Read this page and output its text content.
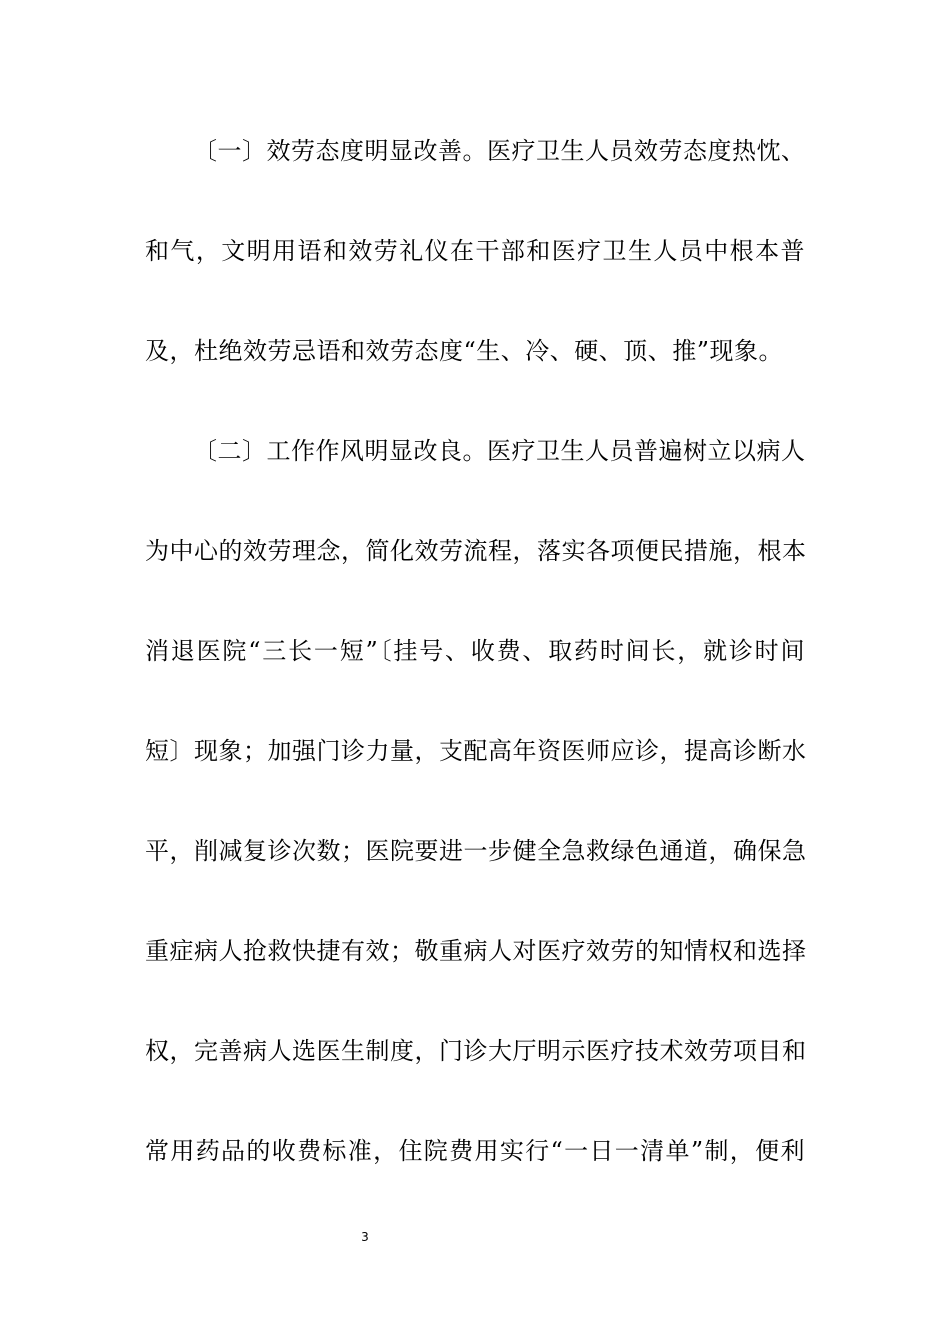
〔一〕效劳态度明显改善。医疗卫生人员效劳态度热忱、
和气，文明用语和效劳礼仪在干部和医疗卫生人员中根本普
及，杜绝效劳忌语和效劳态度“生、冷、硬、顶、推”现象。
〔二〕工作作风明显改良。医疗卫生人员普遍树立以病人
为中心的效劳理念，简化效劳流程，落实各项便民措施，根本
消退医院“三长一短”〔挂号、收费、取药时间长，就诊时间
短〕现象；加强门诊力量，支配高年资医师应诊，提高诊断水
平，削减复诊次数；医院要进一步健全急救绿色通道，确保急
重症病人抢救快捷有效；敬重病人对医疗效劳的知情权和选择
权，完善病人选医生制度，门诊大厅明示医疗技术效劳项目和
常用药品的收费标准，住院费用实行“一日一清单”制，便利
3
